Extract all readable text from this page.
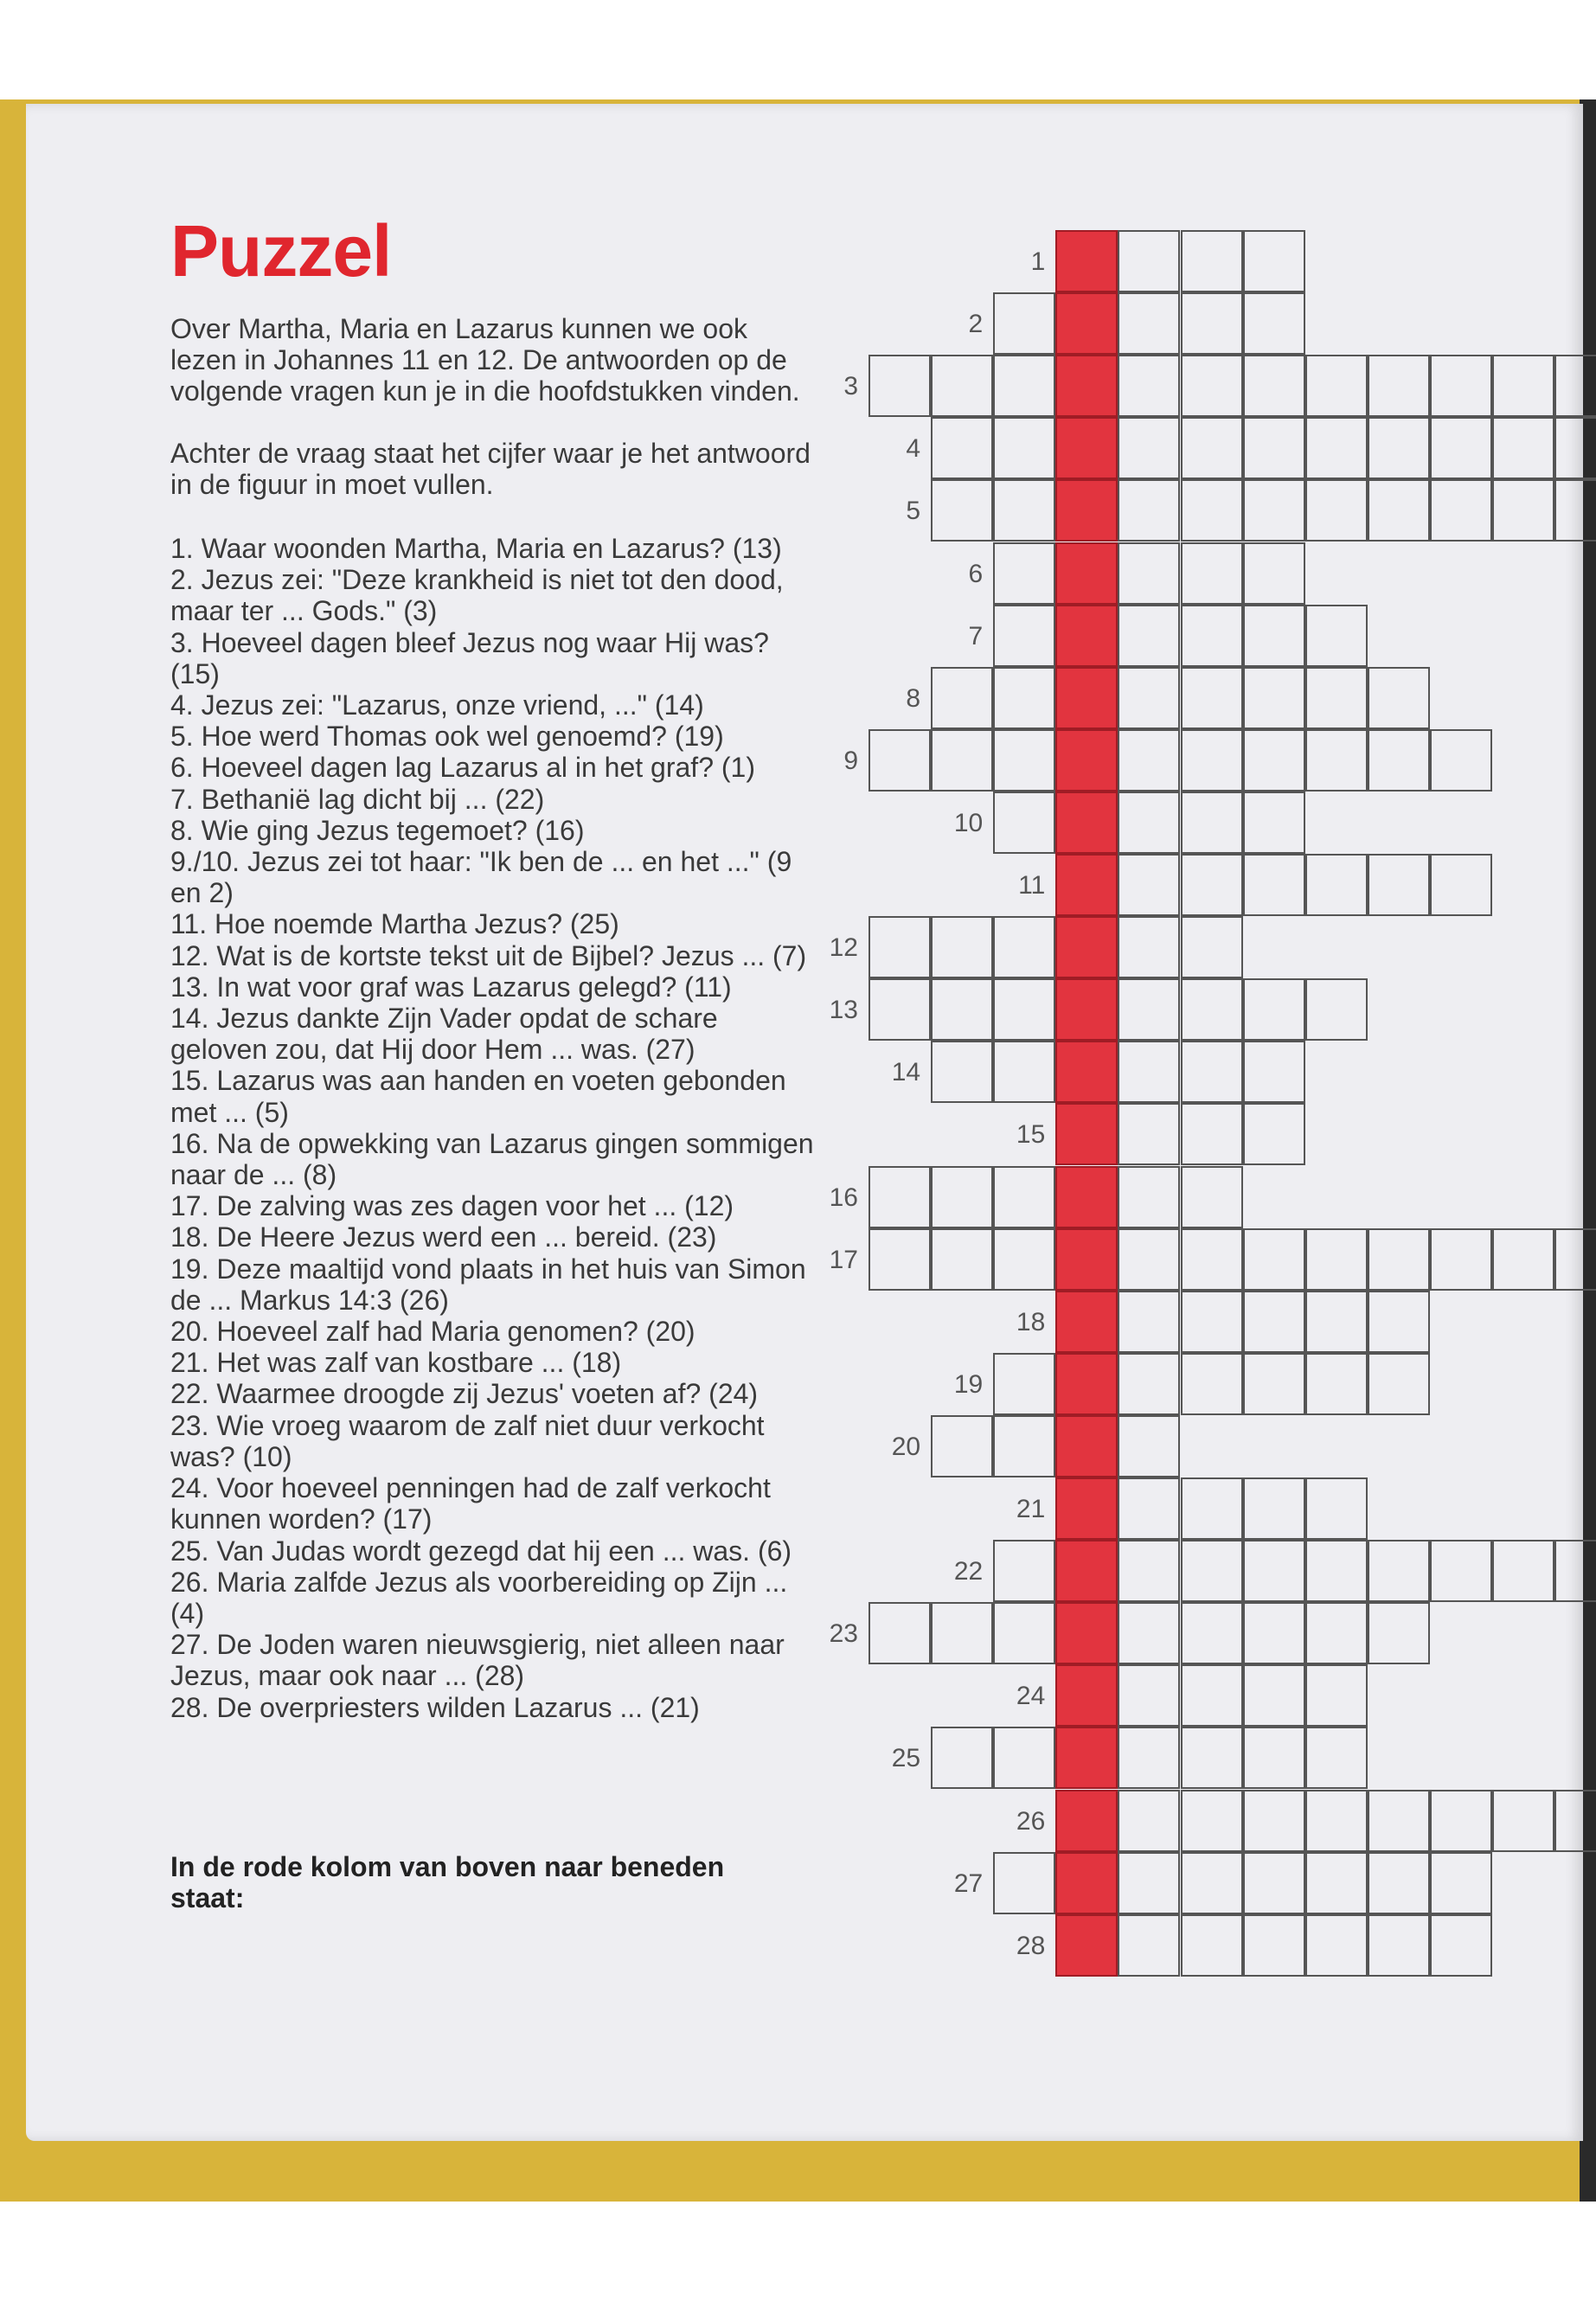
Puzzel

Over Martha, Maria en Lazarus kunnen we ook lezen in Johannes 11 en 12. De antwoorden op de volgende vragen kun je in die hoofdstukken vinden.

Achter de vraag staat het cijfer waar je het antwoord in de figuur in moet vullen.

1. Waar woonden Martha, Maria en Lazarus? (13)
2. Jezus zei: "Deze krankheid is niet tot den dood, maar ter ... Gods." (3)
3. Hoeveel dagen bleef Jezus nog waar Hij was? (15)
4. Jezus zei: "Lazarus, onze vriend, ..." (14)
5. Hoe werd Thomas ook wel genoemd? (19)
6. Hoeveel dagen lag Lazarus al in het graf? (1)
7. Bethanië lag dicht bij ... (22)
8. Wie ging Jezus tegemoet? (16)
9./10. Jezus zei tot haar: "Ik ben de ... en het ..." (9 en 2)
11. Hoe noemde Martha Jezus? (25)
12. Wat is de kortste tekst uit de Bijbel? Jezus ... (7)
13. In wat voor graf was Lazarus gelegd? (11)
14. Jezus dankte Zijn Vader opdat de schare geloven zou, dat Hij door Hem ... was. (27)
15. Lazarus was aan handen en voeten gebonden met ... (5)
16. Na de opwekking van Lazarus gingen sommigen naar de ... (8)
17. De zalving was zes dagen voor het ... (12)
18. De Heere Jezus werd een ... bereid. (23)
19. Deze maaltijd vond plaats in het huis van Simon de ... Markus 14:3 (26)
20. Hoeveel zalf had Maria genomen? (20)
21. Het was zalf van kostbare ... (18)
22. Waarmee droogde zij Jezus' voeten af? (24)
23. Wie vroeg waarom de zalf niet duur verkocht was? (10)
24. Voor hoeveel penningen had de zalf verkocht kunnen worden? (17)
25. Van Judas wordt gezegd dat hij een ... was. (6)
26. Maria zalfde Jezus als voorbereiding op Zijn ... (4)
27. De Joden waren nieuwsgierig, niet alleen naar Jezus, maar ook naar ... (28)
28. De overpriesters wilden Lazarus ... (21)
In de rode kolom van boven naar beneden staat:
1
2
3
4
5
6
7
8
9
10
11
12
13
14
15
16
17
18
19
20
21
22
23
24
25
26
27
28
